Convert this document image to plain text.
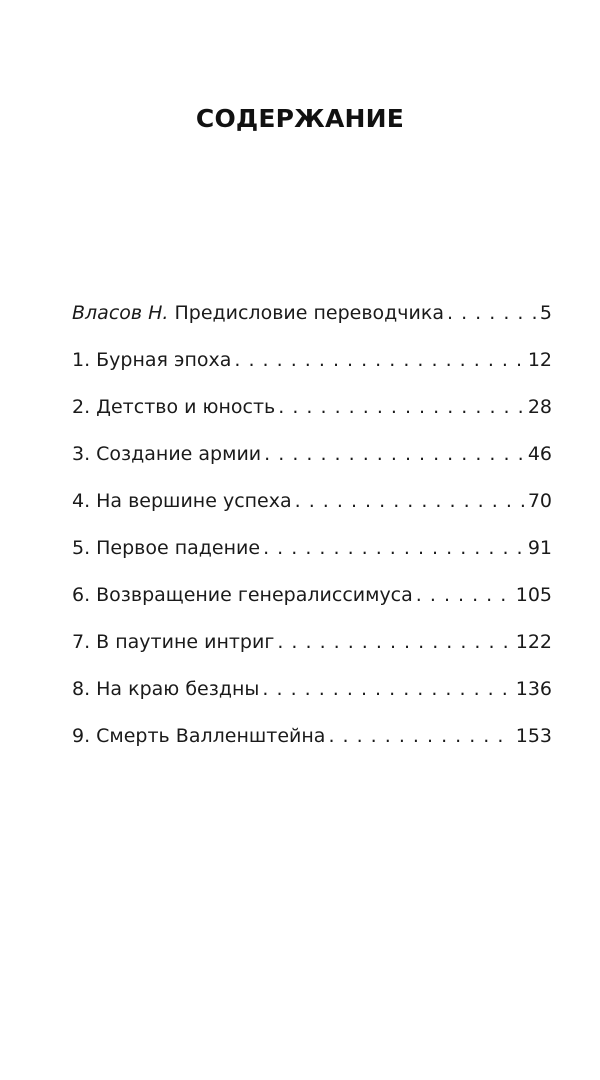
СОДЕРЖАНИЕ
Власов Н. Предисловие переводчика . . .	5
1. Бурная эпоха . . .	12
2. Детство и юность . . .	28
3. Создание армии . . .	46
4. На вершине успеха . . .	70
5. Первое падение . . .	91
6. Возвращение генералиссимуса . . .	105
7. В паутине интриг . . .	122
8. На краю бездны . . .	136
9. Смерть Валленштейна . . .	153
